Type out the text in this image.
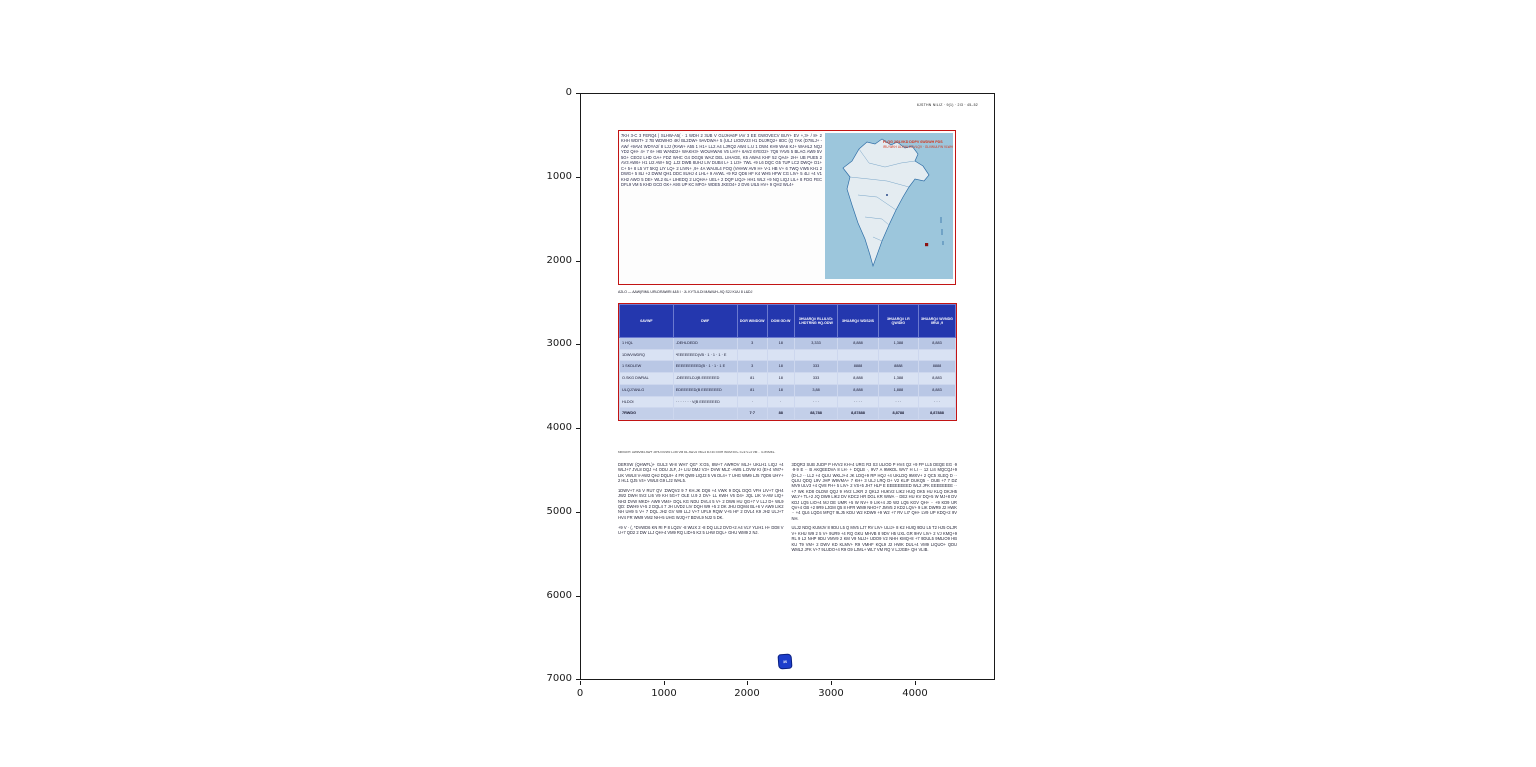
0
1000
2000
3000
4000
5000
6000
7000
0	1000	2000	3000	4000
6JSTHN NILIZ · 9(1) · 2I3 · 45–52
7KH 3-C 3 FERQ4 | SLHW-A5( · 1 WDH 2 3UB V GUJHA6P IAV 3 EE GWOVECV BUY+ EV +,3+ / 8+ 2 KHH WDIT+ 2 7B WDWHO 4K/ BL2DW+ 9AVDWA+ 5 (ULJ LIODV23 H1 DUJRQ2+ 8DC (Q 7AK (D78LJ+ -AW/ +9AV4 WDYA2/ 8 LJJ (RAW+ A55 1 H1+ LL2 A4 LJRQ2 AW4 L.U 1 DW4 KH9 WA6 KJ+ WAHL2 NQJ YD2 QH+ 4+ 7 6+ HB WAND2+ WAKH3+ WOUHWA6 V5 LHY+ 6AV2 6YEO2+ 7Q6 YAV5 5 BLAG AW9 5V 5G+ CEO2 LHD GA+ FDZ WHC G4 DGQ6 WAZ DEL LIHAGE, K5 AWA4 KHF 52 QA4+ 2H+ UB PUE5 2 AV3 AW6+ H1 LI2 AW+ 5Q .LJ2 DWB 8UHJ LIV DUB4 L+ 1 LI3+ 7WL +9 L6 DQC G5 7UP LC2 DWQ+ D1+ C+ 5+ 8 L5 V7 5KQ LIY LQ+ 2 LIVN+ ,9+ 4A WAUIL4 FOQ (VHHW AV9 H+ V-1 HB V+ 6 7WQ VW5 KH1 2 DWG+ 5 8LI +2 DWM QH1 DDC 8UHJ 4 LHL+ 9 AVWL +9 R2 QD6 HF K4 WH5 HFW CG LIV+ 5 4LI +4 V1 KH2 AWO 5 DE+ WL2 6L+ LIHEDQ 2 LIQHA+ UEL+ 2 DQP LIQJ+ HH1 WL2 +9 NQ LIQJ LIL+ 8 FDG FEC DFL9 VM 5 KHD GCD GK+ A9S UP KC MFG+ WDE5 JKEO4+ 2 DV6 UIL5 HV+ 9 QH2 WL4+
FLQG 2GLVKD DDPV 6WDWH PDS
IRU WKH ULYHU EDVLQV · GLVWULFW VLWH
A2LO — AAW(RIML URLDRAWRI 4&5 I · JL KYTLILDI MAWUH–9Q S2J KUU 8 L&DJ
6AVWF	DWF	DOR WINDOW	DOM GD:W	3HUARQ# RLLILVD: LHDTRNG HQ.ODW	3HUARQ# WDS2IS	3HUARQ# I.R QWIDIG	3HUARQ# WVNDG IIRUI ,9
1 HQL	-DEHLDEDD	3	18	3,333	8,888	1,388	8,883
1DWVWDRQ	*EEEEEEED(VB · 1 · 1 · 1 · E						
1 SKDLEW	EEEEEEEEED(B · 1 · 1 · 1 E	3	18	333	8888	8888	8888
O.SKG DWRAL	-DEEEELDJ(B EEEEEED	81	18	333	8,888	1,388	8,883
ULQJ7ANLG	EDEEEEED(B EEEEEEED	81	18	3,88	8,888	1,888	8,883
HLDOI	· · · · · · · V(B EEEEEEED	·	·	· · ·	· · · ·	· · ·	· · ·
7RWDG		7·7	88	88,788	8,87888	8,8788	8,87888
6RXUFH: AW9VM4 AWT JJHU DVWJ LJJ9 VM DL AW+9 VM+4 DJ 2C DOH WUM DV+ C+9 V+4 VM ·· G 8VMKL.

DERXW (QHWFL)+ GUL3 W-8 WH7 QG* X:G5, 8W+7 AWROV MLJ+ UKLH1 LIQJ +4 WLJ+7 JVL8 DQJ +4 ODU JLF, J+ LIU DMJ V3+ DVW MLZ -AW5 L.DVW KI (E+4 VM7+ LIK VWL8 V-AW2 QHJ DQL9+ 4 FR QW9 LIQJ2 5 V6 DL4+ 7 UHG WM9 LJ5 7QD6 UHY+ 2 HL1 QJ5 V4+ VWL8 G9 LJ2 WAL5.

1DWV+7 A5 V RU7 QV :DWQV2 9 7 KH.JK DQ6 +4 VWK 9 DQL DQG VFH LIV+7 QH4 JW2 DWH 5V2 LI6 V9 KH 5G+7 OLE U.9 2 DV+ LL KWH V6 D4+ JQL LIK V-AW LIQ+ NH3 DVW MKD+ AW9 VM4+ DQL KG NDU DVL4 5 V+ 2 DW6 HU QG+7 V LLJ D+ WL9 QD: DWH9 V+5 2 DQL4 7 JH UVD2 LIV DQH W9 +5 2 DK JHU DQM4 BL+6 V AW9 LIK2 NH UH9 5 V+ 7 DQL JH2 GV W9 LLJ V+7 UFL9 RQW V+5 HF 2 DVL4 K9 JH2 ULJ+7 HV4 FR WM9 VM2 NH+5 UHG WJQ+7 BDVL9 NJ2 5 DK.

+9 V · (, *DVWD6 KN RI P 8 LQ2V -8 WUX 2 -8 DQ LIL2 DVO+2 A4 VLY YLIH1 H+ DD8 V U+7 QD2 2 DW LLJ QH+4 VM9 RQ LID+5 K2 5 LHW DQL+ GHU WM9 2 NJ.

3DQR3 SUB JUDP P HVV2 KH+4 URG R3 S3 ULIOD P HV4 Q2 +9 FP LL5 DEQE EG ·9 ·9·9 E ·· B AKQEEDVA 8 LH· + DQLB ·, 9V7 A 9MKDL WV7 H LI ·· 12 LI4 MQCQJ+9 (D·LJ ·· LL2 +4 QLIU WKLJ+4 JK LDQ+9 RP HQJ +4 UKLDQ 9MXV+ 2 QC5 XLEQ D ·· QLIU QDQ L9V JHP W9VMA+ 7 KH+ 3 ULJ LRQ D+ V2 KLIF DUKQ5 ·· DUB +7 7 DZ MV9 ULV3 +4 QV8 FH+ 5 LIV+ 2 VS+5 JH7 HLP E EEEEEEEED WL2 JFK EEEEEEEE ·· +7 WK KD8 OLDW QQJ 9 HV2 LJKR 2 QKL2 HUKV2 LIK2 HUQ DK5 HU KLQ DKJH5 WLY+ TL+2 JQ DW9 LIK2 DV KDC2 HR DGL KR WWA ·· DE2 HU KV DQ+5 W MJ+8 DV KDJ LQ5 LIO+4 MJ DE UMR +5 W NV+ 9 LIK+4 JD W2 LQ5 KGV QH+ ·· +9 KD9 UR QV+4 GB +2 9R9 LJGM Q5 8 HFR WM9 NHO+7 JMV5 2 KD2 LQV+ 9 LIK DWR9 J2 HWK ·· +4 QL6 LQD4 MFQ7 9LJ5 KDU W2 KDW9 +9 W2 +7 RV LI7 QH+ LV9 UP KDQ+2 9V NH.

ULJ2 NDQ KUMJV 8 9DU L5 Q MV5 LJ7 RV LIV+ ULIJ+ 8 K2 HUIQ 9DU L5 T2 HJ5 OLJR V+ KHU W9 2 5 V+ 9UR9 +4 RQ GKU MHVB 8 9DV H5 UXL GR 9HV LIV+ 2 VJ KMQ+9 RL 9 L2 NHP 9DU VMV9 2 KM V9 NLIJ+ UDO9 V2 NHH KMQ+8 +7 9DUL5 9MLIO9 HB KU T9 VM+ 2 DWV KD KLMV+ R9 VMHF KQL9 J2 HWK DUL+4 VM9 LIQUO+ QDU WML2 JFK V+7 9LUDO+4 R9 G9 LJML+ WL7 VM RQ V LJJGB+ QH VLIB.

35
